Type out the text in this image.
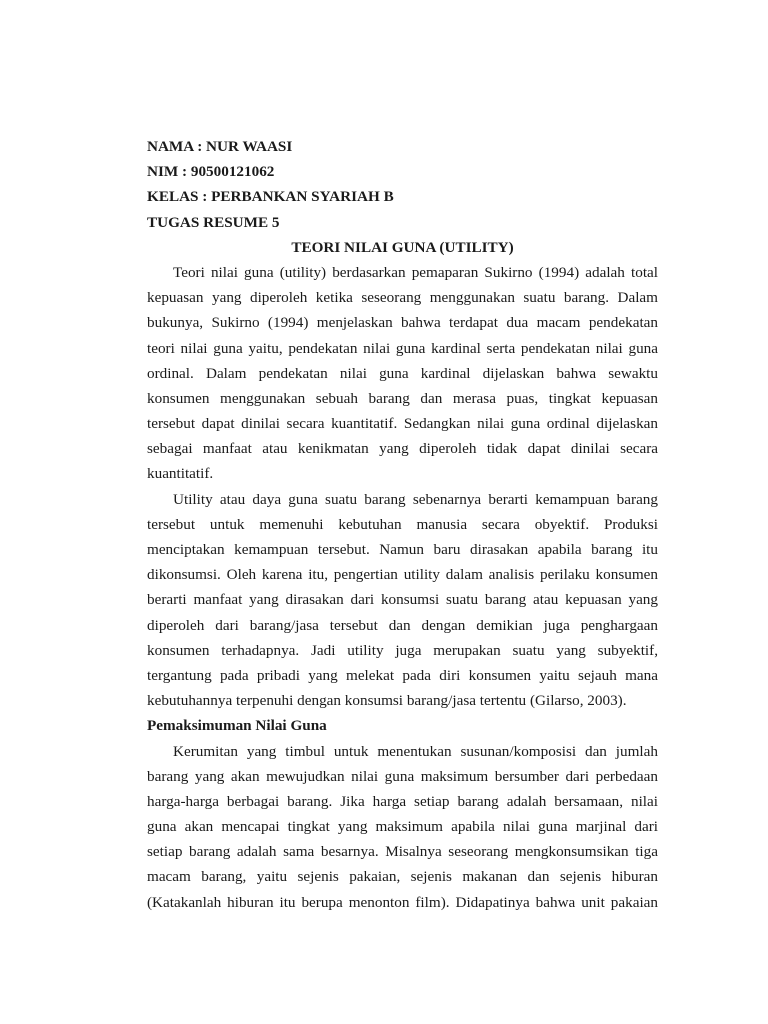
NAMA : NUR WAASI

NIM : 90500121062

KELAS : PERBANKAN SYARIAH B

TUGAS RESUME 5

TEORI NILAI GUNA (UTILITY)

Teori nilai guna (utility) berdasarkan pemaparan Sukirno (1994) adalah total
kepuasan yang diperoleh ketika seseorang menggunakan suatu barang. Dalam
bukunya, Sukirno (1994) menjelaskan bahwa terdapat dua macam pendekatan
teori nilai guna yaitu, pendekatan nilai guna kardinal serta pendekatan nilai guna
ordinal. Dalam pendekatan nilai guna kardinal dijelaskan bahwa sewaktu
konsumen menggunakan sebuah barang dan merasa puas, tingkat kepuasan
tersebut dapat dinilai secara kuantitatif. Sedangkan nilai guna ordinal dijelaskan
sebagai manfaat atau kenikmatan yang diperoleh tidak dapat dinilai secara
kuantitatif.
Utility atau daya guna suatu barang sebenarnya berarti kemampuan barang
tersebut untuk memenuhi kebutuhan manusia secara obyektif. Produksi
menciptakan kemampuan tersebut. Namun baru dirasakan apabila barang itu
dikonsumsi. Oleh karena itu, pengertian utility dalam analisis perilaku konsumen
berarti manfaat yang dirasakan dari konsumsi suatu barang atau kepuasan yang
diperoleh dari barang/jasa tersebut dan dengan demikian juga penghargaan
konsumen terhadapnya. Jadi utility juga merupakan suatu yang subyektif,
tergantung pada pribadi yang melekat pada diri konsumen yaitu sejauh mana
kebutuhannya terpenuhi dengan konsumsi barang/jasa tertentu (Gilarso, 2003).

Pemaksimuman Nilai Guna

Kerumitan yang timbul untuk menentukan susunan/komposisi dan jumlah
barang yang akan mewujudkan nilai guna maksimum bersumber dari perbedaan
harga-harga berbagai barang. Jika harga setiap barang adalah bersamaan, nilai
guna akan mencapai tingkat yang maksimum apabila nilai guna marjinal dari
setiap barang adalah sama besarnya. Misalnya seseorang mengkonsumsikan tiga
macam barang, yaitu sejenis pakaian, sejenis makanan dan sejenis hiburan
(Katakanlah hiburan itu berupa menonton film). Didapatinya bahwa unit pakaian
